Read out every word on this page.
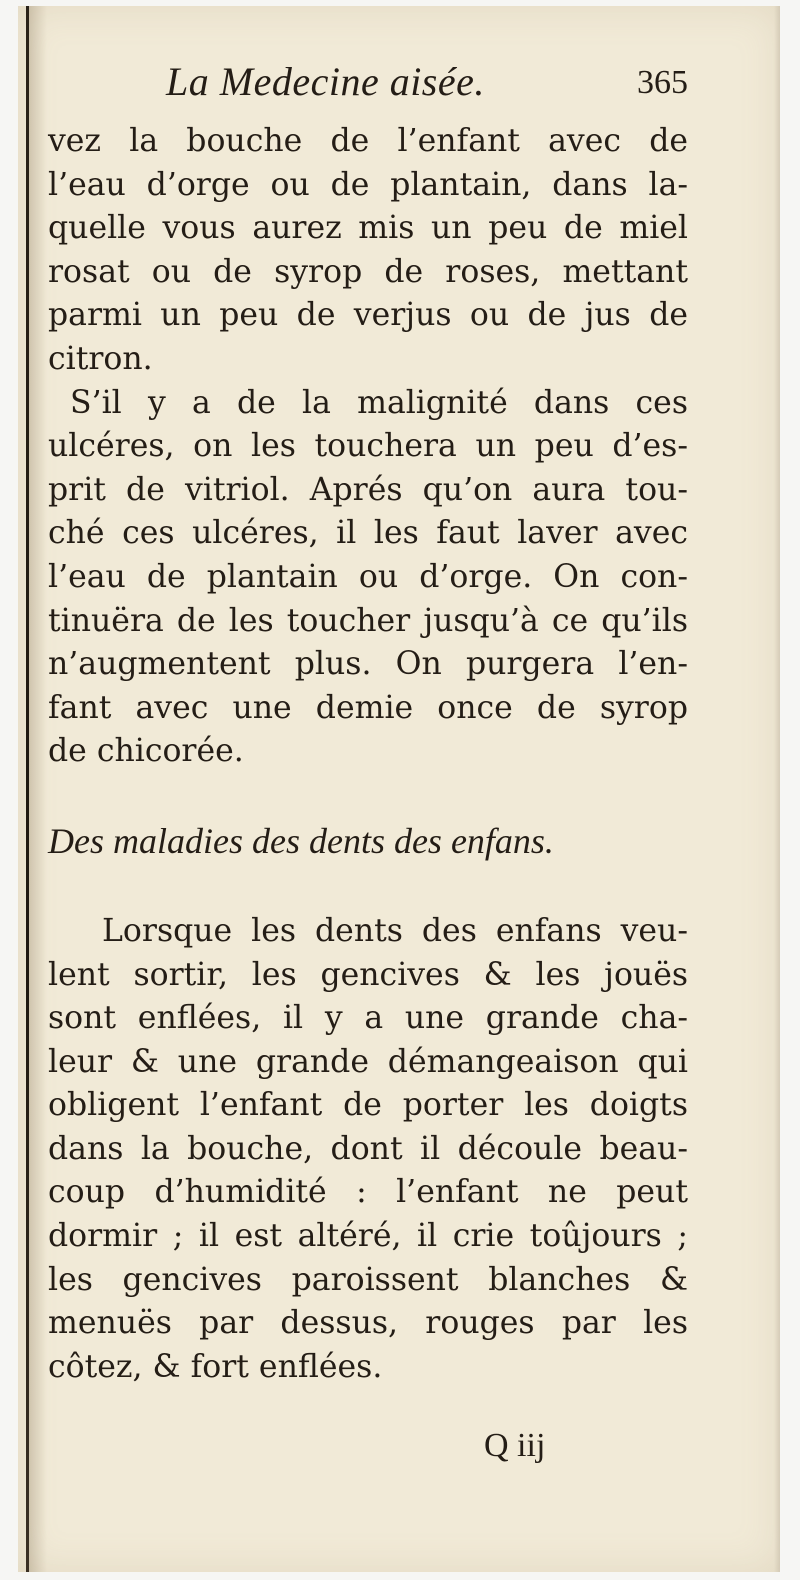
La Medecine aisée.	365
vez la bouche de l’enfant avec de
l’eau d’orge ou de plantain, dans la-
quelle vous aurez mis un peu de miel
rosat ou de syrop de roses, mettant
parmi un peu de verjus ou de jus de
citron.
S’il y a de la malignité dans ces
ulcéres, on les touchera un peu d’es-
prit de vitriol. Aprés qu’on aura tou-
ché ces ulcéres, il les faut laver avec
l’eau de plantain ou d’orge. On con-
tinuëra de les toucher jusqu’à ce qu’ils
n’augmentent plus. On purgera l’en-
fant avec une demie once de syrop
de chicorée.
Des maladies des dents des enfans.
Lorsque les dents des enfans veu-
lent sortir, les gencives & les jouës
sont enflées, il y a une grande cha-
leur & une grande démangeaison qui
obligent l’enfant de porter les doigts
dans la bouche, dont il découle beau-
coup d’humidité : l’enfant ne peut
dormir ; il est altéré, il crie toûjours ;
les gencives paroissent blanches &
menuës par dessus, rouges par les
côtez, & fort enflées.
Q iij
